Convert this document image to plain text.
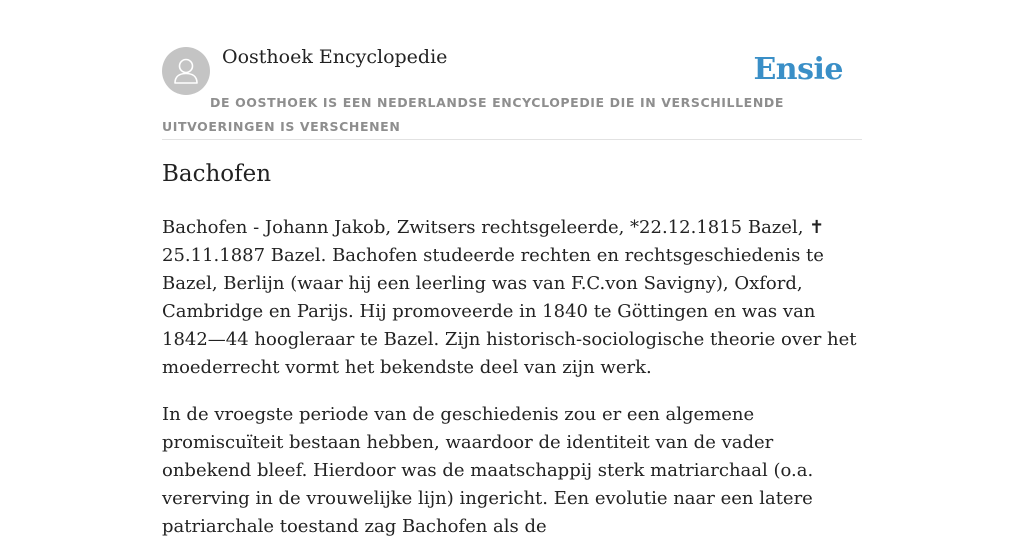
Oosthoek Encyclopedie	Ensie
DE OOSTHOEK IS EEN NEDERLANDSE ENCYCLOPEDIE DIE IN VERSCHILLENDE UITVOERINGEN IS VERSCHENEN
Bachofen

Bachofen - Johann Jakob, Zwitsers rechtsgeleerde, *22.12.1815 Bazel, ✝ 25.11.1887 Bazel. Bachofen studeerde rechten en rechtsgeschiedenis te Bazel, Berlijn (waar hij een leerling was van F.C.von Savigny), Oxford, Cambridge en Parijs. Hij promoveerde in 1840 te Göttingen en was van 1842—44 hoogleraar te Bazel. Zijn historisch-sociologische theorie over het moederrecht vormt het bekendste deel van zijn werk.

In de vroegste periode van de geschiedenis zou er een algemene promiscuïteit bestaan hebben, waardoor de identiteit van de vader onbekend bleef. Hierdoor was de maatschappij sterk matriarchaal (o.a. vererving in de vrouwelijke lijn) ingericht. Een evolutie naar een latere patriarchale toestand zag Bachofen als de
